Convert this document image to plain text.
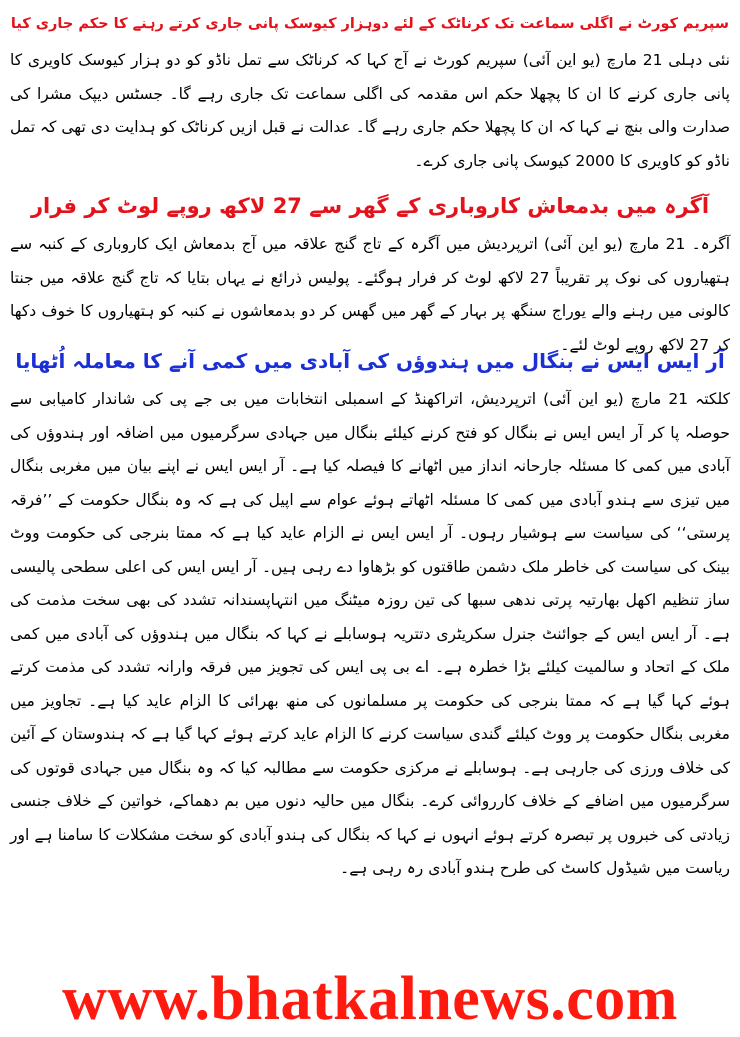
سپریم کورٹ نے اگلی سماعت تک کرناٹک کے لئے دوہزار کیوسک پانی جاری کرتے رہنے کا حکم جاری کیا

نئی دہلی 21 مارچ (یو این آئی) سپریم کورٹ نے آج کہا کہ کرناٹک سے تمل ناڈو کو دو ہزار کیوسک کاویری کا پانی جاری کرنے کا ان کا پچھلا حکم اس مقدمہ کی اگلی سماعت تک جاری رہے گا۔ جسٹس دیپک مشرا کی صدارت والی بنچ نے کہا کہ ان کا پچھلا حکم جاری رہے گا۔ عدالت نے قبل ازیں کرناٹک کو ہدایت دی تھی کہ تمل ناڈو کو کاویری کا 2000 کیوسک پانی جاری کرے۔

آگرہ میں بدمعاش کاروباری کے گھر سے 27 لاکھ روپے لوٹ کر فرار

آگرہ۔ 21 مارچ (یو این آئی) اترپردیش میں آگرہ کے تاج گنج علاقہ میں آج بدمعاش ایک کاروباری کے کنبہ سے ہتھیاروں کی نوک پر تقریباً 27 لاکھ لوٹ کر فرار ہوگئے۔ پولیس ذرائع نے یہاں بتایا کہ تاج گنج علاقہ میں جنتا کالونی میں رہنے والے یوراج سنگھ پر بہار کے گھر میں گھس کر دو بدمعاشوں نے کنبہ کو ہتھیاروں کا خوف دکھا کر 27 لاکھ روپے لوٹ لئے۔

آر ایس ایس نے بنگال میں ہندوؤں کی آبادی میں کمی آنے کا معاملہ اُٹھایا

کلکتہ 21 مارچ (یو این آئی) اترپردیش، اتراکھنڈ کے اسمبلی انتخابات میں بی جے پی کی شاندار کامیابی سے حوصلہ پا کر آر ایس ایس نے بنگال کو فتح کرنے کیلئے بنگال میں جہادی سرگرمیوں میں اضافہ اور ہندوؤں کی آبادی میں کمی کا مسئلہ جارحانہ انداز میں اٹھانے کا فیصلہ کیا ہے۔ آر ایس ایس نے اپنے بیان میں مغربی بنگال میں تیزی سے ہندو آبادی میں کمی کا مسئلہ اٹھاتے ہوئے عوام سے اپیل کی ہے کہ وہ بنگال حکومت کے ’’فرقہ پرستی‘‘ کی سیاست سے ہوشیار رہوں۔ آر ایس ایس نے الزام عاید کیا ہے کہ ممتا بنرجی کی حکومت ووٹ بینک کی سیاست کی خاطر ملک دشمن طاقتوں کو بڑھاوا دے رہی ہیں۔ آر ایس ایس کی اعلی سطحی پالیسی ساز تنظیم اکھل بھارتیہ پرتی ندھی سبھا کی تین روزہ میٹنگ میں انتہاپسندانہ تشدد کی بھی سخت مذمت کی ہے۔ آر ایس ایس کے جوائنٹ جنرل سکریٹری دتتریہ ہوسابلے نے کہا کہ بنگال میں ہندوؤں کی آبادی میں کمی ملک کے اتحاد و سالمیت کیلئے بڑا خطرہ ہے۔ اے بی پی ایس کی تجویز میں فرقہ وارانہ تشدد کی مذمت کرتے ہوئے کہا گیا ہے کہ ممتا بنرجی کی حکومت پر مسلمانوں کی منھ بھرائی کا الزام عاید کیا ہے۔ تجاویز میں مغربی بنگال حکومت پر ووٹ کیلئے گندی سیاست کرنے کا الزام عاید کرتے ہوئے کہا گیا ہے کہ ہندوستان کے آئین کی خلاف ورزی کی جارہی ہے۔ ہوسابلے نے مرکزی حکومت سے مطالبہ کیا کہ وہ بنگال میں جہادی قوتوں کی سرگرمیوں میں اضافے کے خلاف کارروائی کرے۔ بنگال میں حالیہ دنوں میں بم دھماکے، خواتین کے خلاف جنسی زیادتی کی خبروں پر تبصرہ کرتے ہوئے انہوں نے کہا کہ بنگال کی ہندو آبادی کو سخت مشکلات کا سامنا ہے اور ریاست میں شیڈول کاسٹ کی طرح ہندو آبادی رہ رہی ہے۔

www.bhatkalnews.com
